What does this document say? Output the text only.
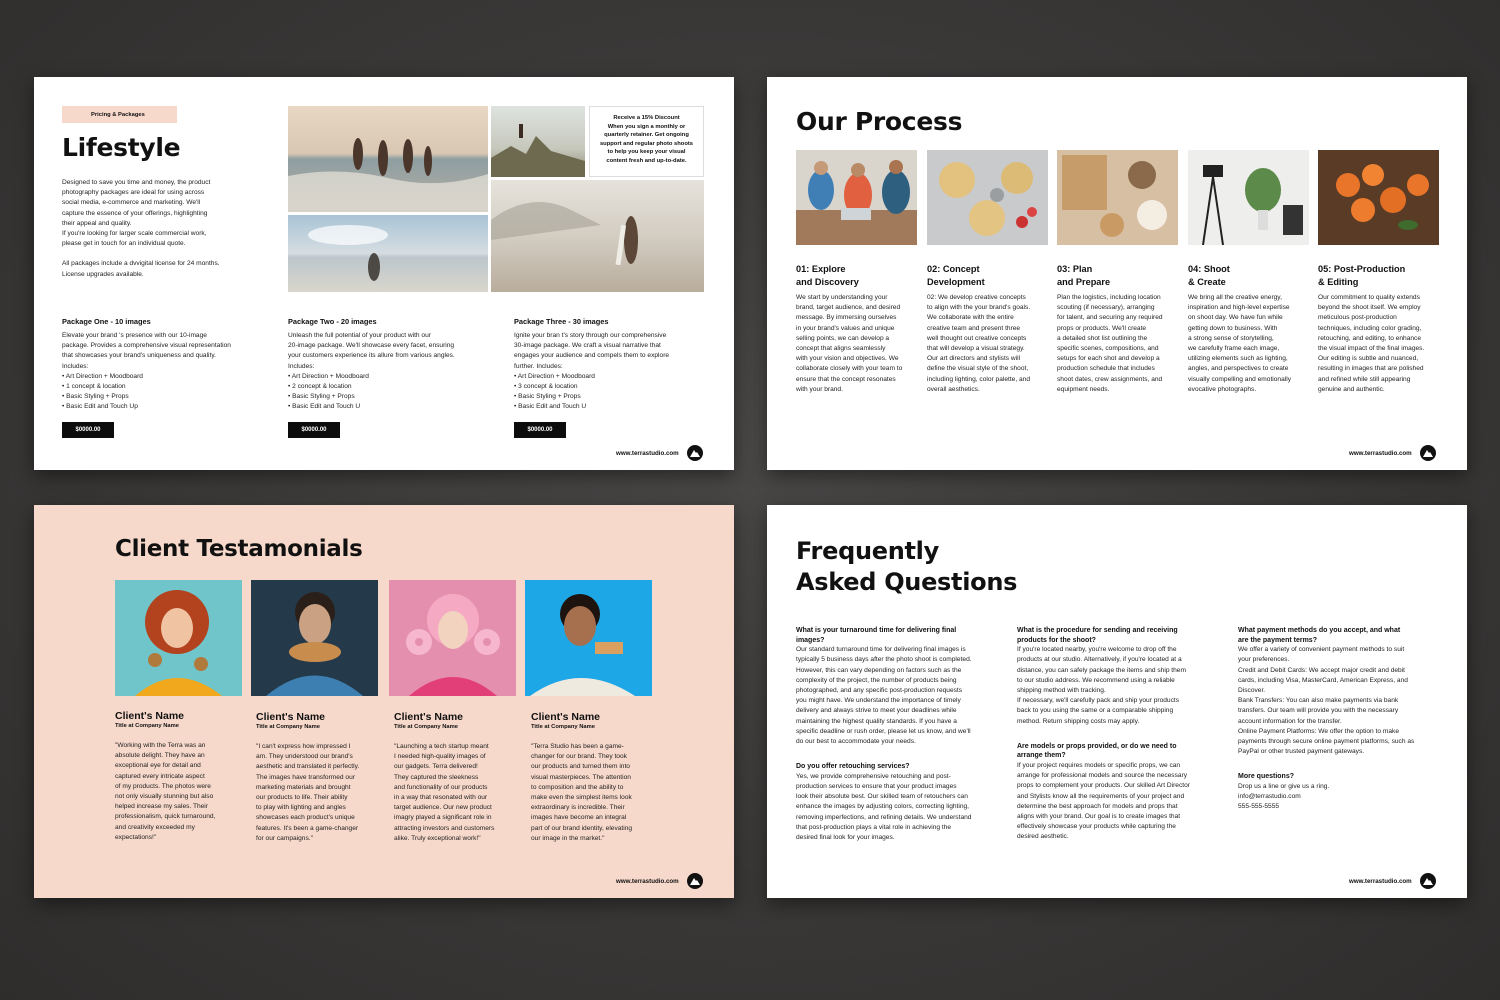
Pricing & Packages
Lifestyle
Designed to save you time and money, the product
photography packages are ideal for using across
social media, e-commerce and marketing. We'll
capture the essence of your offerings, highlighting
their appeal and quality.
If you're looking for larger scale commercial work,
please get in touch for an individual quote.
All packages include a dvvigital license for 24 months.
License upgrades available.
Receive a 15% Discount
When you sign a monthly or
quarterly retainer. Get ongoing
support and regular photo shoots
to help you keep your visual
content fresh and up-to-date.
Package One - 10 images
Elevate your brand 's presence with our 10-image
package. Provides a comprehensive visual representation
that showcases your brand's uniqueness and quality.
Includes:
• Art Direction + Moodboard
• 1 concept & location
• Basic Styling + Props
• Basic Edit and Touch Up
$0000.00
Package Two - 20 images
Unleash the full potential of your product with our
20-image package. We'll showcase every facet, ensuring
your customers experience its allure from various angles.
Includes:
• Art Direction + Moodboard
• 2 concept & location
• Basic Styling + Props
• Basic Edit and Touch U
$0000.00
Package Three - 30 images
Ignite your bran t's story through our comprehensive
30-image package. We craft a visual narrative that
engages your audience and compels them to explore
further. Includes:
• Art Direction + Moodboard
• 3 concept & location
• Basic Styling + Props
• Basic Edit and Touch U
$0000.00
www.terrastudio.com
Our Process
01: Explore
and Discovery
We start by understanding your
brand, target audience, and desired
message. By immersing ourselves
in your brand's values and unique
selling points, we can develop a
concept that aligns seamlessly
with your vision and objectives. We
collaborate closely with your team to
ensure that the concept resonates
with your brand.
02: Concept
Development
02: We develop creative concepts
to align with the your brand's goals.
We collaborate with the entire
creative team and present three
well thought out creative concepts
that will develop a visual strategy.
Our art directors and stylists will
define the visual style of the shoot,
including lighting, color palette, and
overall aesthetics.
03: Plan
and Prepare
Plan the logistics, including location
scouting (if necessary), arranging
for talent, and securing any required
props or products. We'll create
a detailed shot list outlining the
specific scenes, compositions, and
setups for each shot and develop a
production schedule that includes
shoot dates, crew assignments, and
equipment needs.
04: Shoot
& Create
We bring all the creative energy,
inspiration and high-level expertise
on shoot day. We have fun while
getting down to business. With
a strong sense of storytelling,
we carefully frame each image,
utilizing elements such as lighting,
angles, and perspectives to create
visually compelling and emotionally
evocative photographs.
05: Post-Production
& Editing
Our commitment to quality extends
beyond the shoot itself. We employ
meticulous post-production
techniques, including color grading,
retouching, and editing, to enhance
the visual impact of the final images.
Our editing is subtle and nuanced,
resulting in images that are polished
and refined while still appearing
genuine and authentic.
www.terrastudio.com
Client Testamonials
Client's Name
Title at Company Name
"Working with the Terra was an
absolute delight. They have an
exceptional eye for detail and
captured every intricate aspect
of my products. The photos were
not only visually stunning but also
helped increase my sales. Their
professionalism, quick turnaround,
and creativity exceeded my
expectations!"
Client's Name
Title at Company Name
"I can't express how impressed I
am. They understood our brand's
aesthetic and translated it perfectly.
The images have transformed our
marketing materials and brought
our products to life. Their ability
to play with lighting and angles
showcases each product's unique
features. It's been a game-changer
for our campaigns."
Client's Name
Title at Company Name
"Launching a tech startup meant
I needed high-quality images of
our gadgets. Terra delivered!
They captured the sleekness
and functionality of our products
in a way that resonated with our
target audience. Our new product
imagry played a significant role in
attracting investors and customers
alike. Truly exceptional work!"
Client's Name
Title at Company Name
"Terra Studio has been a game-
changer for our brand. They took
our products and turned them into
visual masterpieces. The attention
to composition and the ability to
make even the simplest items look
extraordinary is incredible. Their
images have become an integral
part of our brand identity, elevating
our image in the market."
www.terrastudio.com
Frequently
Asked Questions
What is your turnaround time for delivering final
images?
Our standard turnaround time for delivering final images is
typically 5 business days after the photo shoot is completed.
However, this can vary depending on factors such as the
complexity of the project, the number of products being
photographed, and any specific post-production requests
you might have. We understand the importance of timely
delivery and always strive to meet your deadlines while
maintaining the highest quality standards. If you have a
specific deadline or rush order, please let us know, and we'll
do our best to accommodate your needs.
Do you offer retouching services?
Yes, we provide comprehensive retouching and post-
production services to ensure that your product images
look their absolute best. Our skilled team of retouchers can
enhance the images by adjusting colors, correcting lighting,
removing imperfections, and refining details. We understand
that post-production plays a vital role in achieving the
desired final look for your images.
What is the procedure for sending and receiving
products for the shoot?
If you're located nearby, you're welcome to drop off the
products at our studio. Alternatively, if you're located at a
distance, you can safely package the items and ship them
to our studio address. We recommend using a reliable
shipping method with tracking.
If necessary, we'll carefully pack and ship your products
back to you using the same or a comparable shipping
method. Return shipping costs may apply.
Are models or props provided, or do we need to
arrange them?
If your project requires models or specific props, we can
arrange for professional models and source the necessary
props to complement your products. Our skilled Art Director
and Stylists know all the requirements of your project and
determine the best approach for models and props that
aligns with your brand. Our goal is to create images that
effectively showcase your products while capturing the
desired aesthetic.
What payment methods do you accept, and what
are the payment terms?
We offer a variety of convenient payment methods to suit
your preferences.
Credit and Debit Cards: We accept major credit and debit
cards, including Visa, MasterCard, American Express, and
Discover.
Bank Transfers: You can also make payments via bank
transfers. Our team will provide you with the necessary
account information for the transfer.
Online Payment Platforms: We offer the option to make
payments through secure online payment platforms, such as
PayPal or other trusted payment gateways.
More questions?
Drop us a line or give us a ring.
info@terrastudio.com
555-555-5555
www.terrastudio.com
